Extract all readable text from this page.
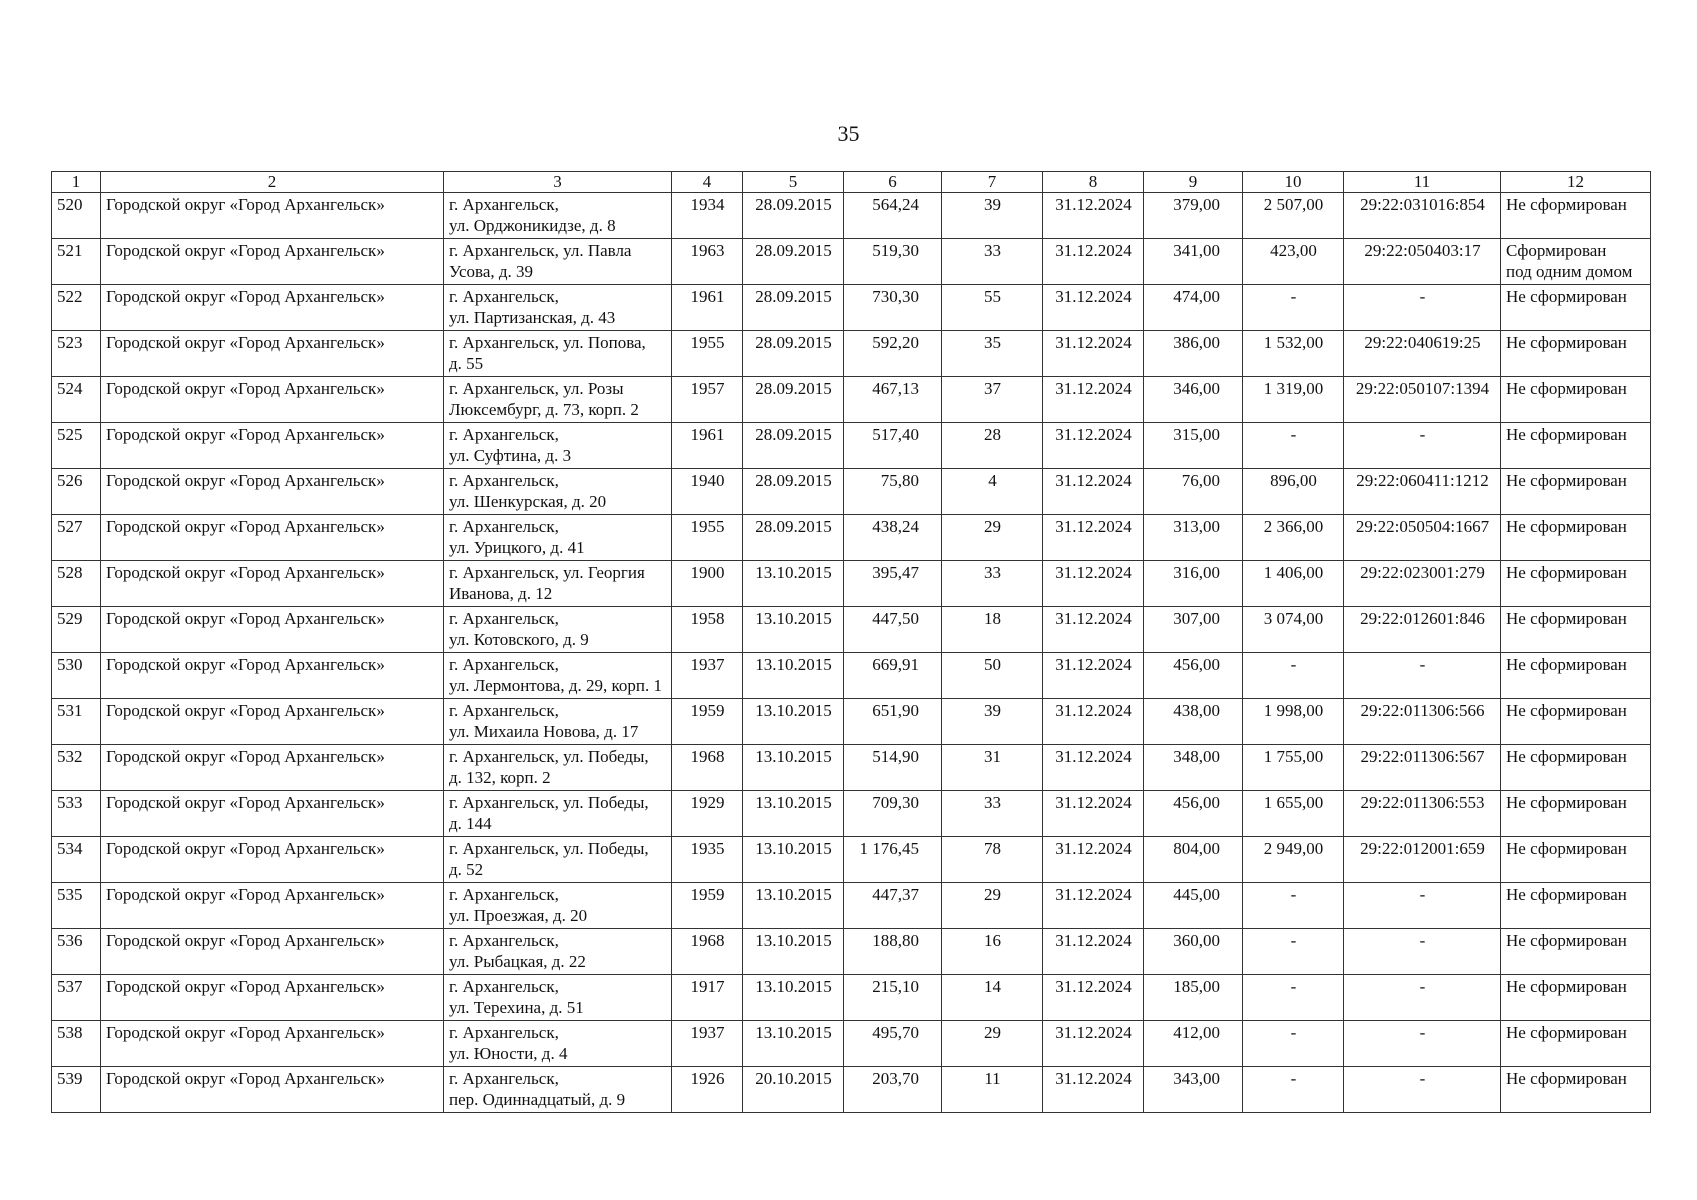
35
1	2	3	4	5	6	7	8	9	10	11	12
520	Городской округ «Город Архангельск»	г. Архангельск,
ул. Орджоникидзе, д. 8	1934	28.09.2015	564,24	39	31.12.2024	379,00	2 507,00	29:22:031016:854	Не сформирован
521	Городской округ «Город Архангельск»	г. Архангельск, ул. Павла
Усова, д. 39	1963	28.09.2015	519,30	33	31.12.2024	341,00	423,00	29:22:050403:17	Сформирован
под одним домом
522	Городской округ «Город Архангельск»	г. Архангельск,
ул. Партизанская, д. 43	1961	28.09.2015	730,30	55	31.12.2024	474,00	-	-	Не сформирован
523	Городской округ «Город Архангельск»	г. Архангельск, ул. Попова,
д. 55	1955	28.09.2015	592,20	35	31.12.2024	386,00	1 532,00	29:22:040619:25	Не сформирован
524	Городской округ «Город Архангельск»	г. Архангельск, ул. Розы
Люксембург, д. 73, корп. 2	1957	28.09.2015	467,13	37	31.12.2024	346,00	1 319,00	29:22:050107:1394	Не сформирован
525	Городской округ «Город Архангельск»	г. Архангельск,
ул. Суфтина, д. 3	1961	28.09.2015	517,40	28	31.12.2024	315,00	-	-	Не сформирован
526	Городской округ «Город Архангельск»	г. Архангельск,
ул. Шенкурская, д. 20	1940	28.09.2015	75,80	4	31.12.2024	76,00	896,00	29:22:060411:1212	Не сформирован
527	Городской округ «Город Архангельск»	г. Архангельск,
ул. Урицкого, д. 41	1955	28.09.2015	438,24	29	31.12.2024	313,00	2 366,00	29:22:050504:1667	Не сформирован
528	Городской округ «Город Архангельск»	г. Архангельск, ул. Георгия
Иванова, д. 12	1900	13.10.2015	395,47	33	31.12.2024	316,00	1 406,00	29:22:023001:279	Не сформирован
529	Городской округ «Город Архангельск»	г. Архангельск,
ул. Котовского, д. 9	1958	13.10.2015	447,50	18	31.12.2024	307,00	3 074,00	29:22:012601:846	Не сформирован
530	Городской округ «Город Архангельск»	г. Архангельск,
ул. Лермонтова, д. 29, корп. 1	1937	13.10.2015	669,91	50	31.12.2024	456,00	-	-	Не сформирован
531	Городской округ «Город Архангельск»	г. Архангельск,
ул. Михаила Новова, д. 17	1959	13.10.2015	651,90	39	31.12.2024	438,00	1 998,00	29:22:011306:566	Не сформирован
532	Городской округ «Город Архангельск»	г. Архангельск, ул. Победы,
д. 132, корп. 2	1968	13.10.2015	514,90	31	31.12.2024	348,00	1 755,00	29:22:011306:567	Не сформирован
533	Городской округ «Город Архангельск»	г. Архангельск, ул. Победы,
д. 144	1929	13.10.2015	709,30	33	31.12.2024	456,00	1 655,00	29:22:011306:553	Не сформирован
534	Городской округ «Город Архангельск»	г. Архангельск, ул. Победы,
д. 52	1935	13.10.2015	1 176,45	78	31.12.2024	804,00	2 949,00	29:22:012001:659	Не сформирован
535	Городской округ «Город Архангельск»	г. Архангельск,
ул. Проезжая, д. 20	1959	13.10.2015	447,37	29	31.12.2024	445,00	-	-	Не сформирован
536	Городской округ «Город Архангельск»	г. Архангельск,
ул. Рыбацкая, д. 22	1968	13.10.2015	188,80	16	31.12.2024	360,00	-	-	Не сформирован
537	Городской округ «Город Архангельск»	г. Архангельск,
ул. Терехина, д. 51	1917	13.10.2015	215,10	14	31.12.2024	185,00	-	-	Не сформирован
538	Городской округ «Город Архангельск»	г. Архангельск,
ул. Юности, д. 4	1937	13.10.2015	495,70	29	31.12.2024	412,00	-	-	Не сформирован
539	Городской округ «Город Архангельск»	г. Архангельск,
пер. Одиннадцатый, д. 9	1926	20.10.2015	203,70	11	31.12.2024	343,00	-	-	Не сформирован
